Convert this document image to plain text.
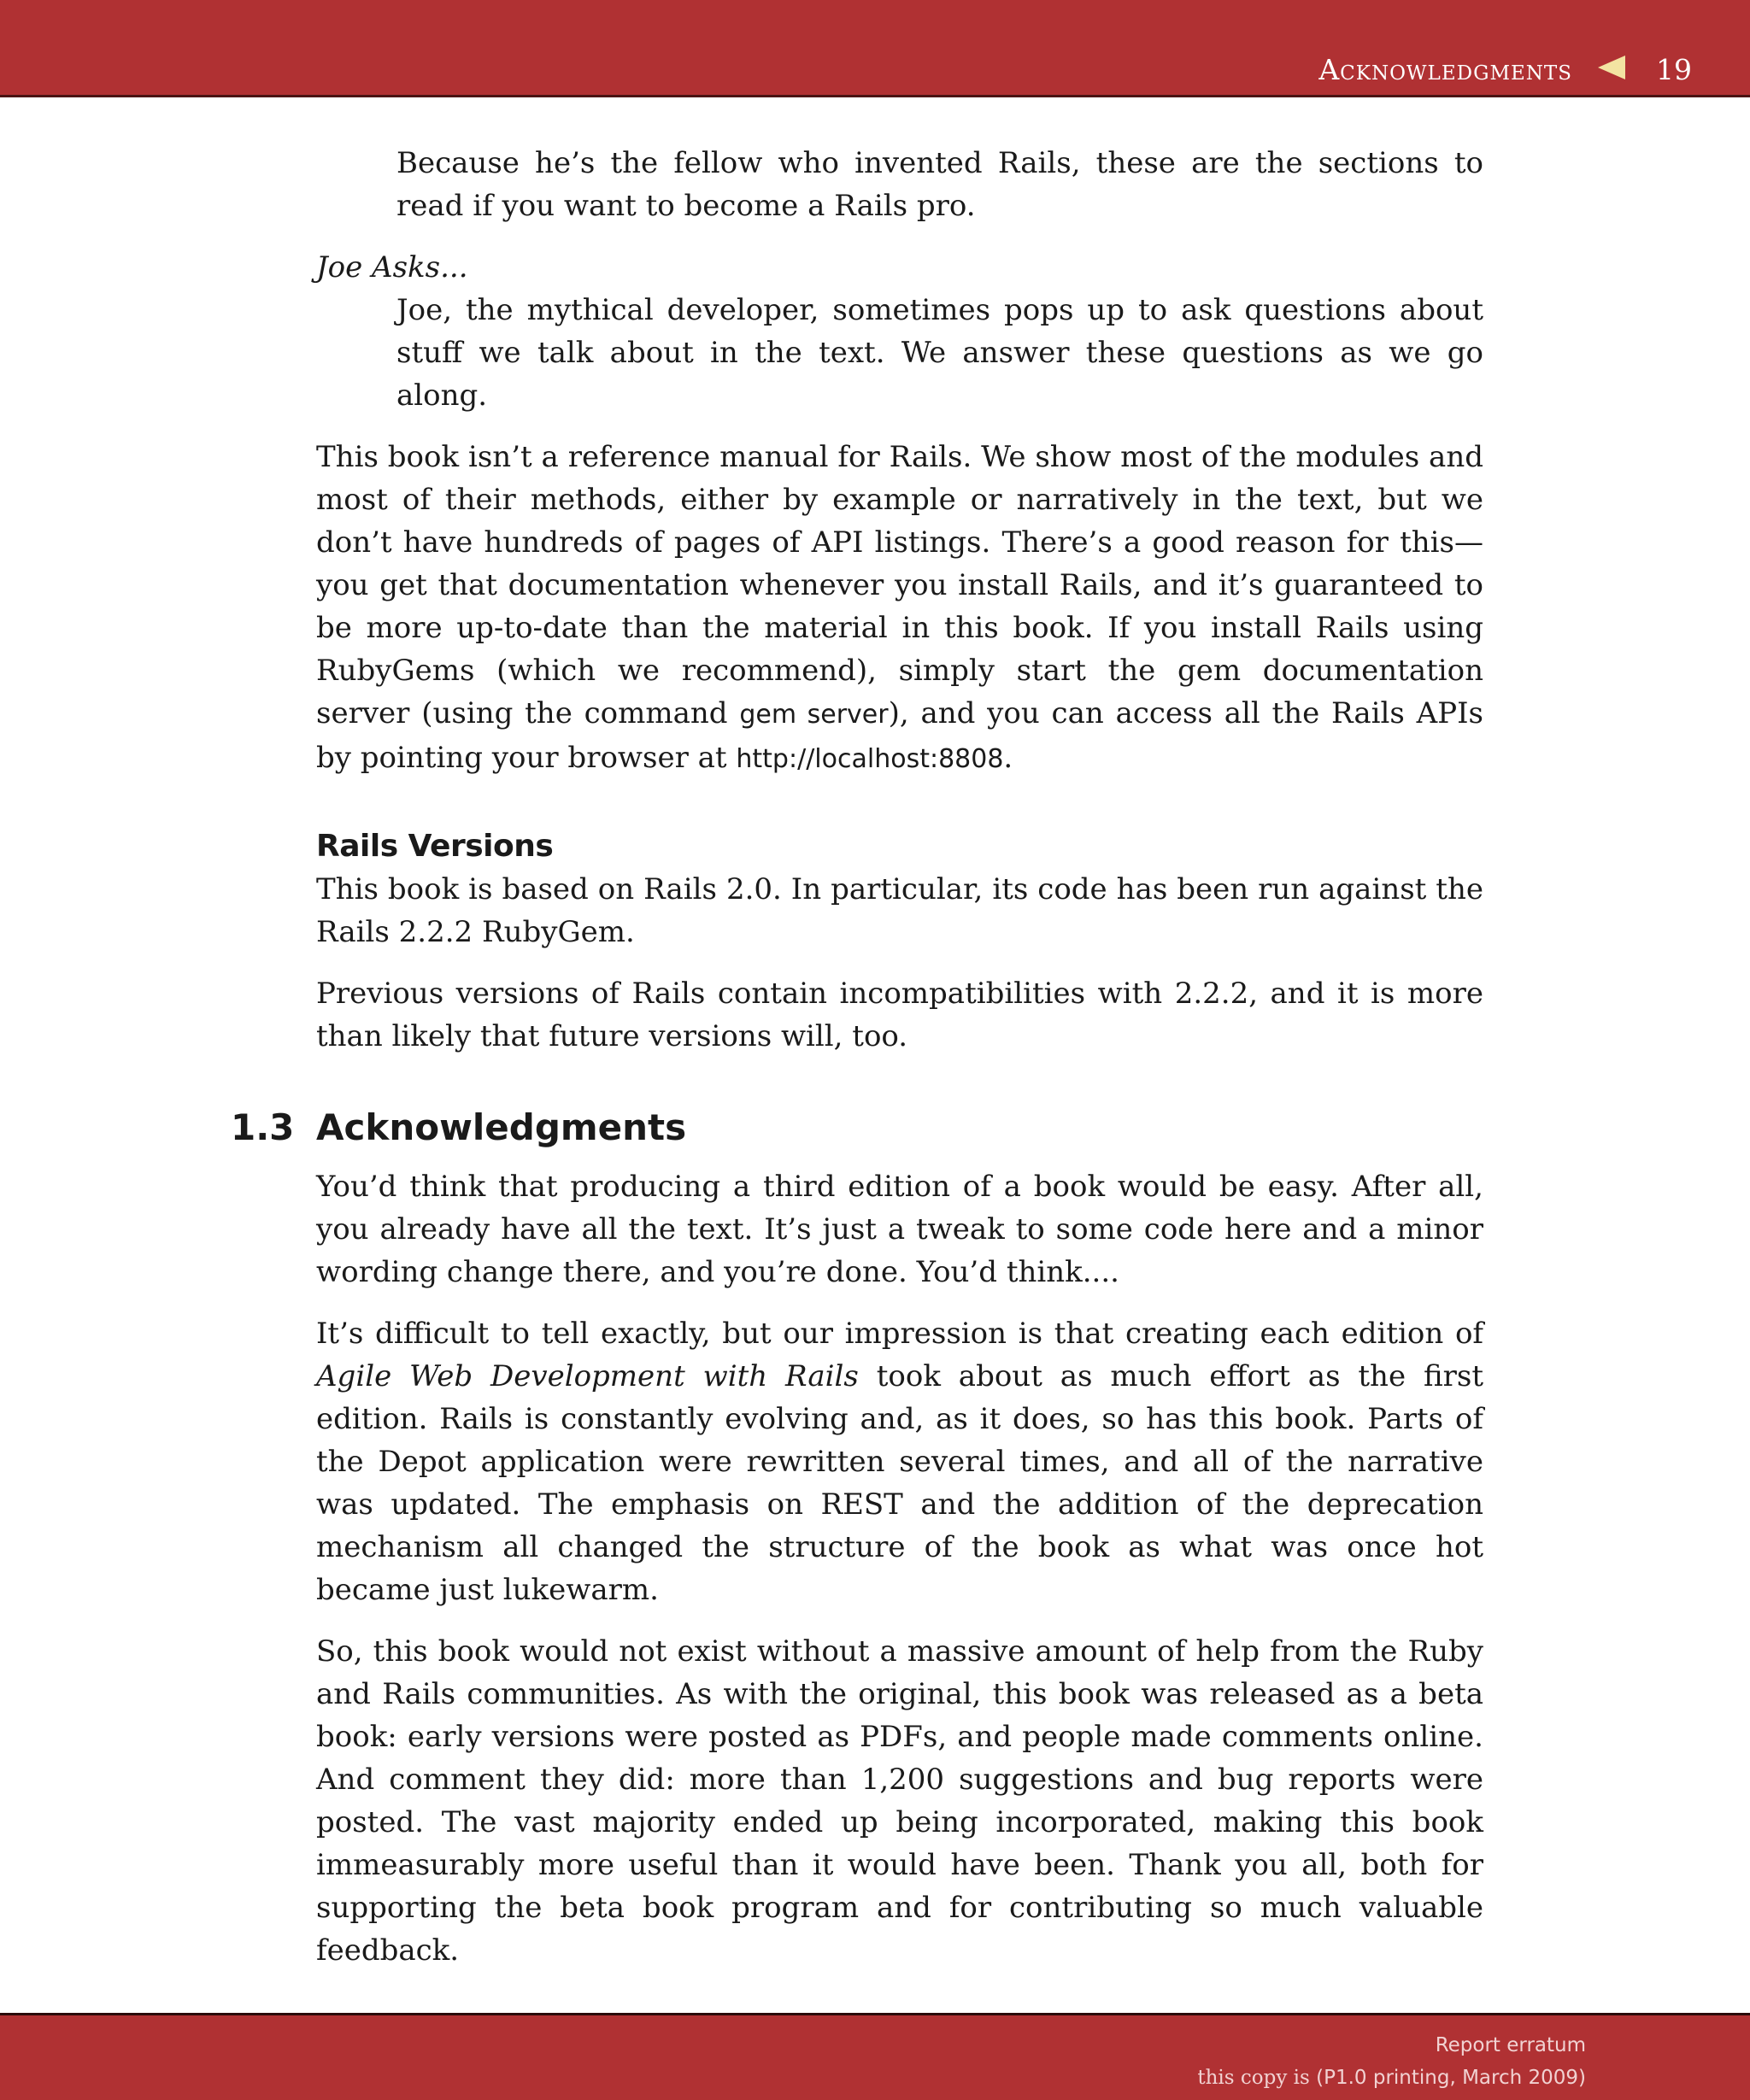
Acknowledgments	19

Because he’s the fellow who invented Rails, these are the sections to read if you want to become a Rails pro.

Joe Asks...

Joe, the mythical developer, sometimes pops up to ask questions about stuff we talk about in the text. We answer these questions as we go along.

This book isn’t a reference manual for Rails. We show most of the modules and most of their methods, either by example or narratively in the text, but we don’t have hundreds of pages of API listings. There’s a good reason for this—you get that documentation whenever you install Rails, and it’s guaranteed to be more up-to-date than the material in this book. If you install Rails using RubyGems (which we recommend), simply start the gem documentation server (using the command gem server), and you can access all the Rails APIs by pointing your browser at http://localhost:8808.

Rails Versions

This book is based on Rails 2.0. In particular, its code has been run against the Rails 2.2.2 RubyGem.

Previous versions of Rails contain incompatibilities with 2.2.2, and it is more than likely that future versions will, too.

1.3 Acknowledgments

You’d think that producing a third edition of a book would be easy. After all, you already have all the text. It’s just a tweak to some code here and a minor wording change there, and you’re done. You’d think....

It’s difficult to tell exactly, but our impression is that creating each edition of Agile Web Development with Rails took about as much effort as the first edition. Rails is constantly evolving and, as it does, so has this book. Parts of the Depot application were rewritten several times, and all of the narrative was updated. The emphasis on REST and the addition of the deprecation mechanism all changed the structure of the book as what was once hot became just lukewarm.

So, this book would not exist without a massive amount of help from the Ruby and Rails communities. As with the original, this book was released as a beta book: early versions were posted as PDFs, and people made comments online. And comment they did: more than 1,200 suggestions and bug reports were posted. The vast majority ended up being incorporated, making this book immeasurably more useful than it would have been. Thank you all, both for supporting the beta book program and for contributing so much valuable feedback.

Report erratum
this copy is (P1.0 printing, March 2009)
